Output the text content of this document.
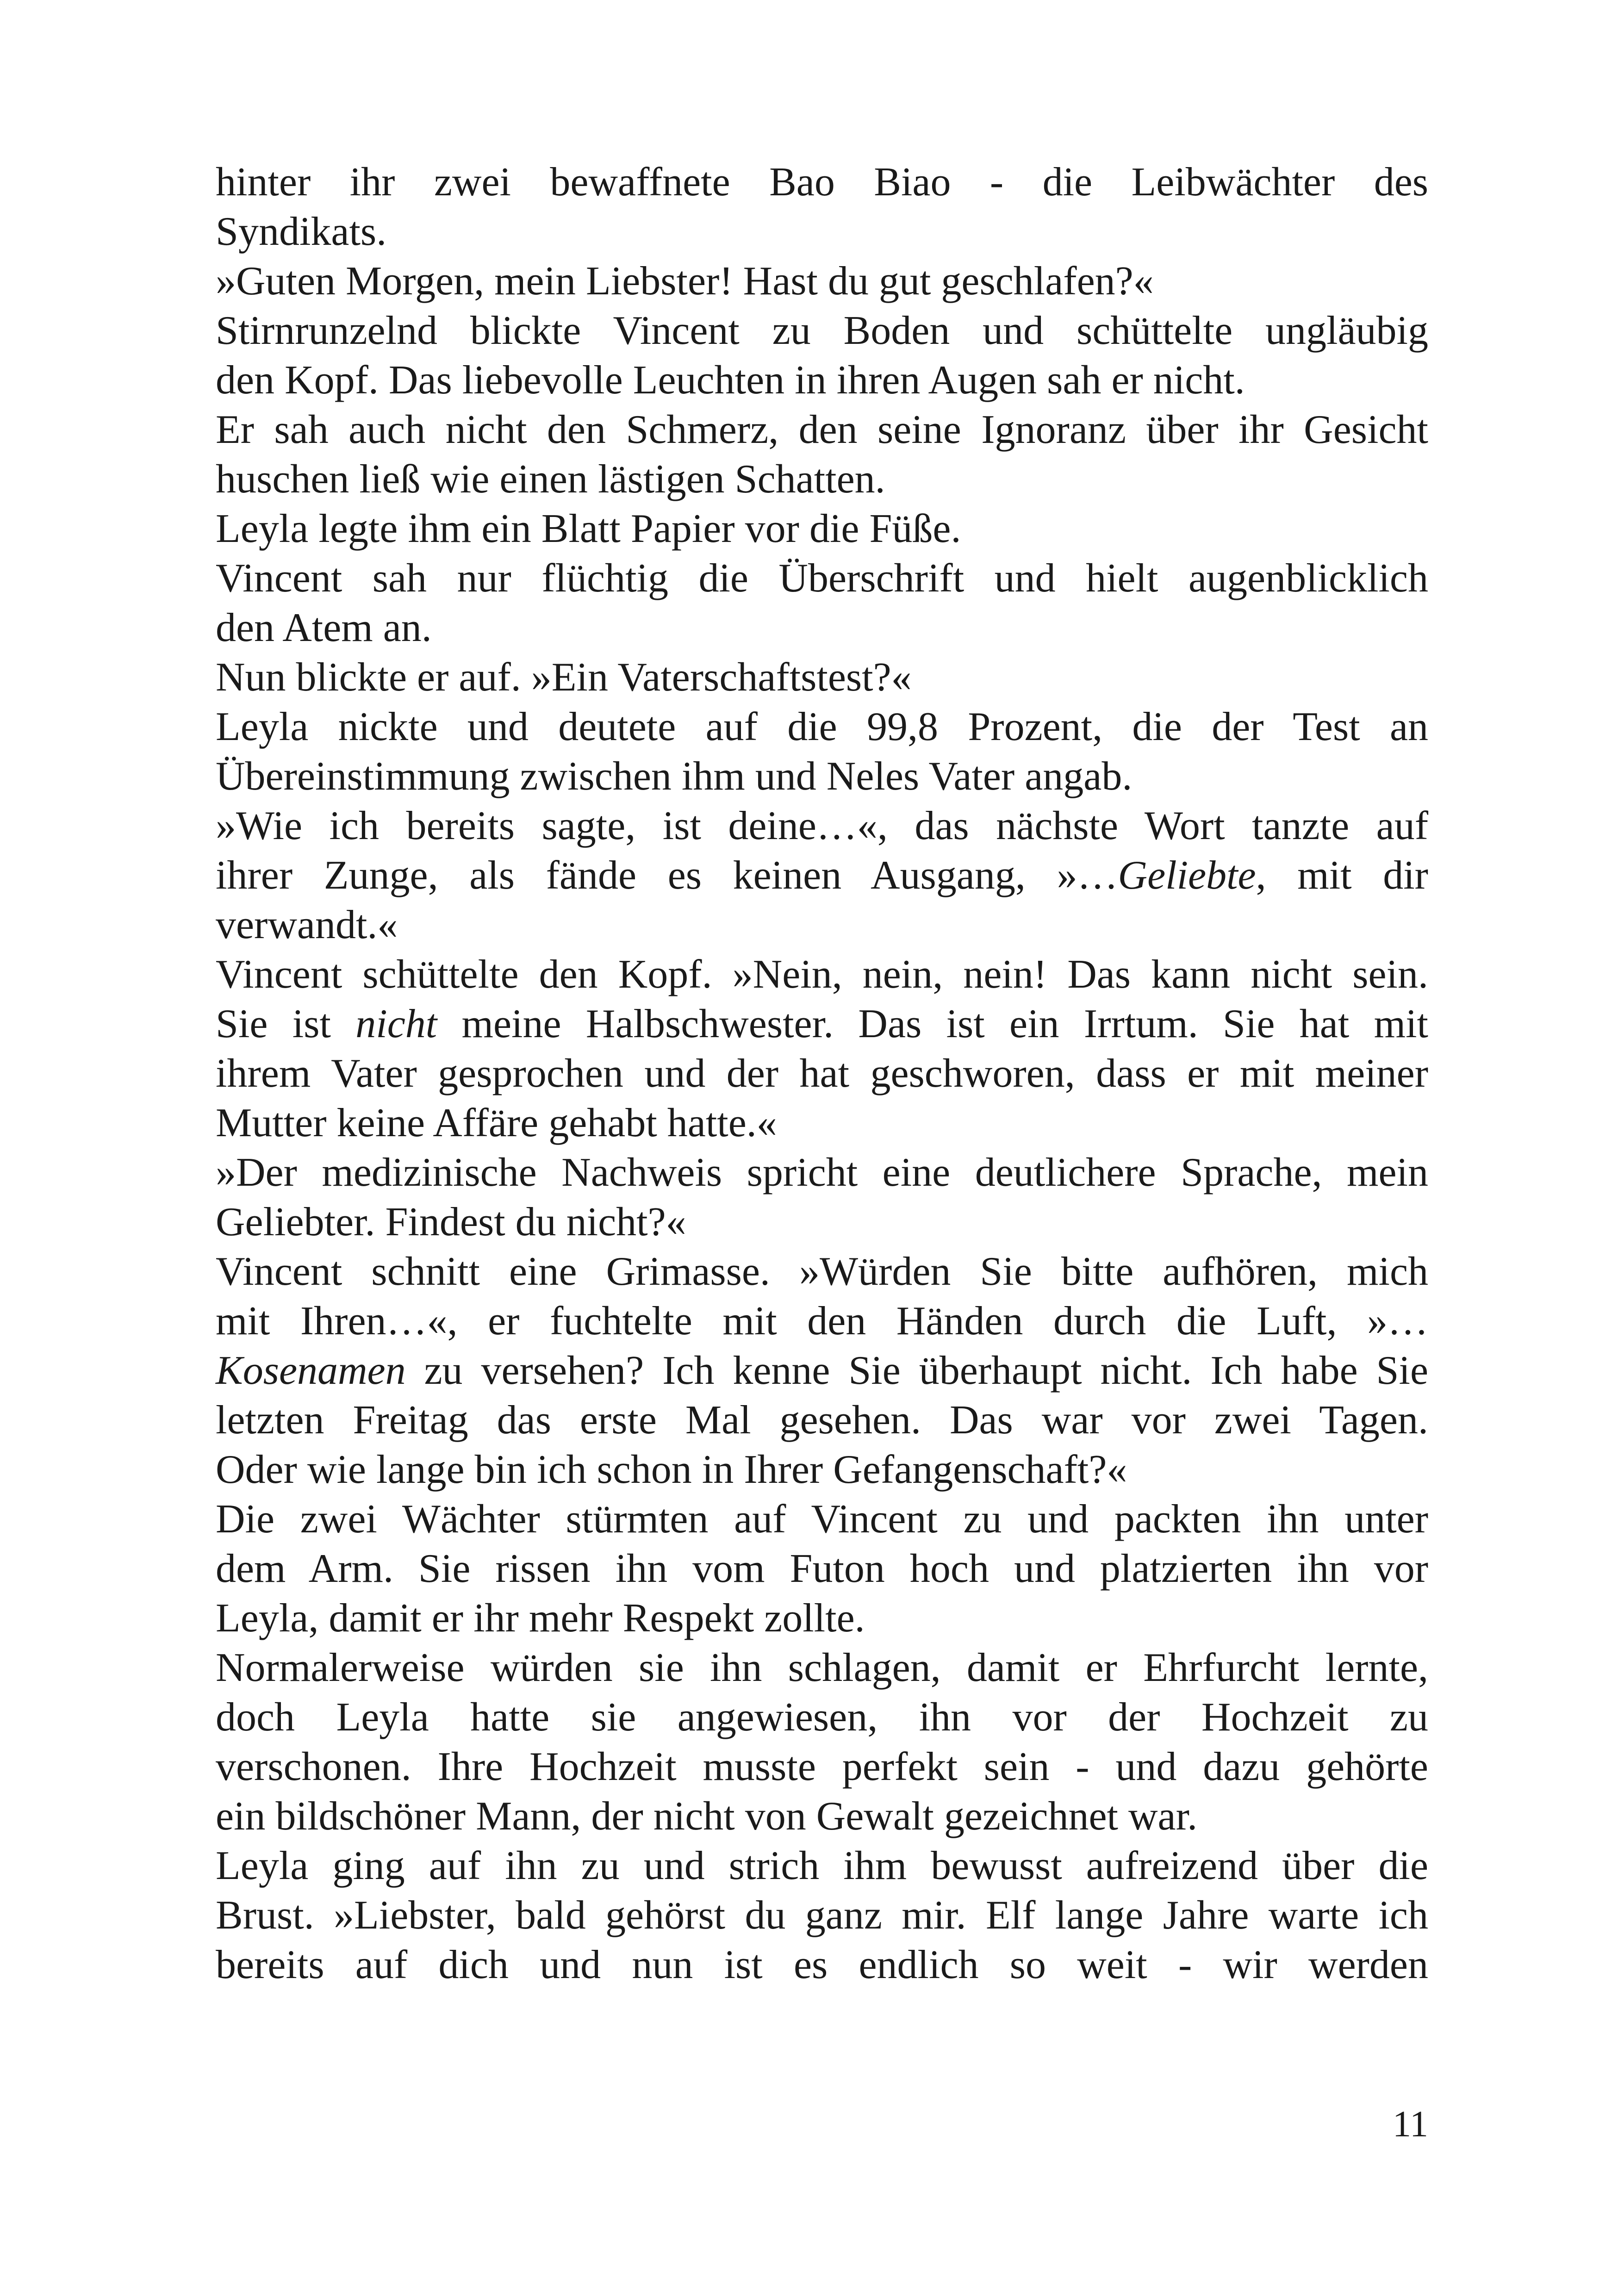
hinter ihr zwei bewaffnete Bao Biao - die Leibwächter des
Syndikats.
»Guten Morgen, mein Liebster! Hast du gut geschlafen?«
Stirnrunzelnd blickte Vincent zu Boden und schüttelte ungläubig
den Kopf. Das liebevolle Leuchten in ihren Augen sah er nicht.
Er sah auch nicht den Schmerz, den seine Ignoranz über ihr Gesicht
huschen ließ wie einen lästigen Schatten.
Leyla legte ihm ein Blatt Papier vor die Füße.
Vincent sah nur flüchtig die Überschrift und hielt augenblicklich
den Atem an.
Nun blickte er auf. »Ein Vaterschaftstest?«
Leyla nickte und deutete auf die 99,8 Prozent, die der Test an
Übereinstimmung zwischen ihm und Neles Vater angab.
»Wie ich bereits sagte, ist deine…«, das nächste Wort tanzte auf
ihrer Zunge, als fände es keinen Ausgang, »…Geliebte, mit dir
verwandt.«
Vincent schüttelte den Kopf. »Nein, nein, nein! Das kann nicht sein.
Sie ist nicht meine Halbschwester. Das ist ein Irrtum. Sie hat mit
ihrem Vater gesprochen und der hat geschworen, dass er mit meiner
Mutter keine Affäre gehabt hatte.«
»Der medizinische Nachweis spricht eine deutlichere Sprache, mein
Geliebter. Findest du nicht?«
Vincent schnitt eine Grimasse. »Würden Sie bitte aufhören, mich
mit Ihren…«, er fuchtelte mit den Händen durch die Luft, »…
Kosenamen zu versehen? Ich kenne Sie überhaupt nicht. Ich habe Sie
letzten Freitag das erste Mal gesehen. Das war vor zwei Tagen.
Oder wie lange bin ich schon in Ihrer Gefangenschaft?«
Die zwei Wächter stürmten auf Vincent zu und packten ihn unter
dem Arm. Sie rissen ihn vom Futon hoch und platzierten ihn vor
Leyla, damit er ihr mehr Respekt zollte.
Normalerweise würden sie ihn schlagen, damit er Ehrfurcht lernte,
doch Leyla hatte sie angewiesen, ihn vor der Hochzeit zu
verschonen. Ihre Hochzeit musste perfekt sein - und dazu gehörte
ein bildschöner Mann, der nicht von Gewalt gezeichnet war.
Leyla ging auf ihn zu und strich ihm bewusst aufreizend über die
Brust. »Liebster, bald gehörst du ganz mir. Elf lange Jahre warte ich
bereits auf dich und nun ist es endlich so weit - wir werden
11
